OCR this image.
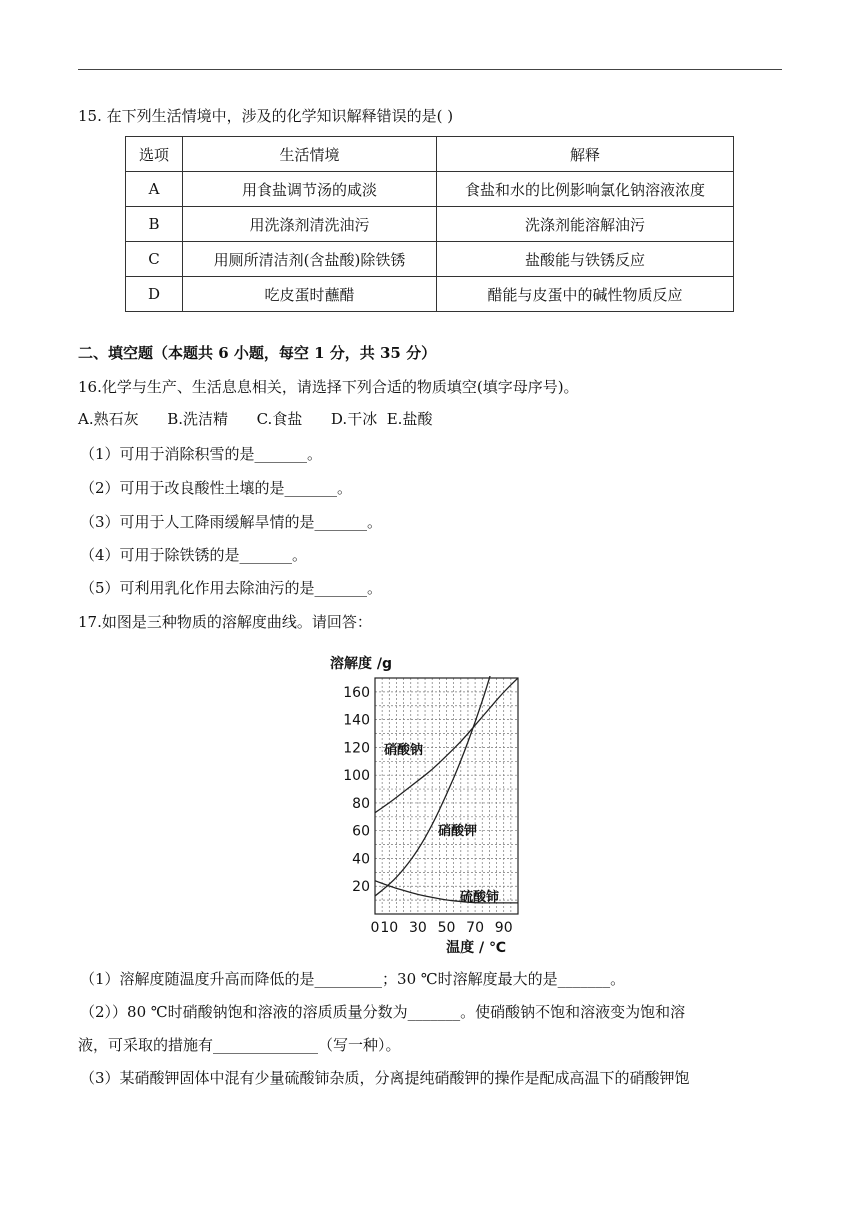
15. 在下列生活情境中，涉及的化学知识解释错误的是( )
选项	生活情境	解释
A	用食盐调节汤的咸淡	食盐和水的比例影响氯化钠溶液浓度
B	用洗涤剂清洗油污	洗涤剂能溶解油污
C	用厕所清洁剂(含盐酸)除铁锈	盐酸能与铁锈反应
D	吃皮蛋时蘸醋	醋能与皮蛋中的碱性物质反应
二、填空题（本题共 6 小题，每空 1 分，共 35 分）
16.化学与生产、生活息息相关，请选择下列合适的物质填空(填字母序号)。
A.熟石灰      B.洗洁精      C.食盐      D.干冰  E.盐酸
（1）可用于消除积雪的是_______。
（2）可用于改良酸性土壤的是_______。
（3）可用于人工降雨缓解旱情的是_______。
（4）可用于除铁锈的是_______。
（5）可利用乳化作用去除油污的是_______。
17.如图是三种物质的溶解度曲线。请回答：
20
40
60
80
100
120
140
160
0 10 30 50 70 90
溶解度 /g
温度 / ℃
硝酸钠
硝酸钾
硫酸铈
（1）溶解度随温度升高而降低的是_________；30 ℃时溶解度最大的是_______。
（2））80 ℃时硝酸钠饱和溶液的溶质质量分数为_______。使硝酸钠不饱和溶液变为饱和溶
液，可采取的措施有______________（写一种）。
（3）某硝酸钾固体中混有少量硫酸铈杂质，分离提纯硝酸钾的操作是配成高温下的硝酸钾饱
